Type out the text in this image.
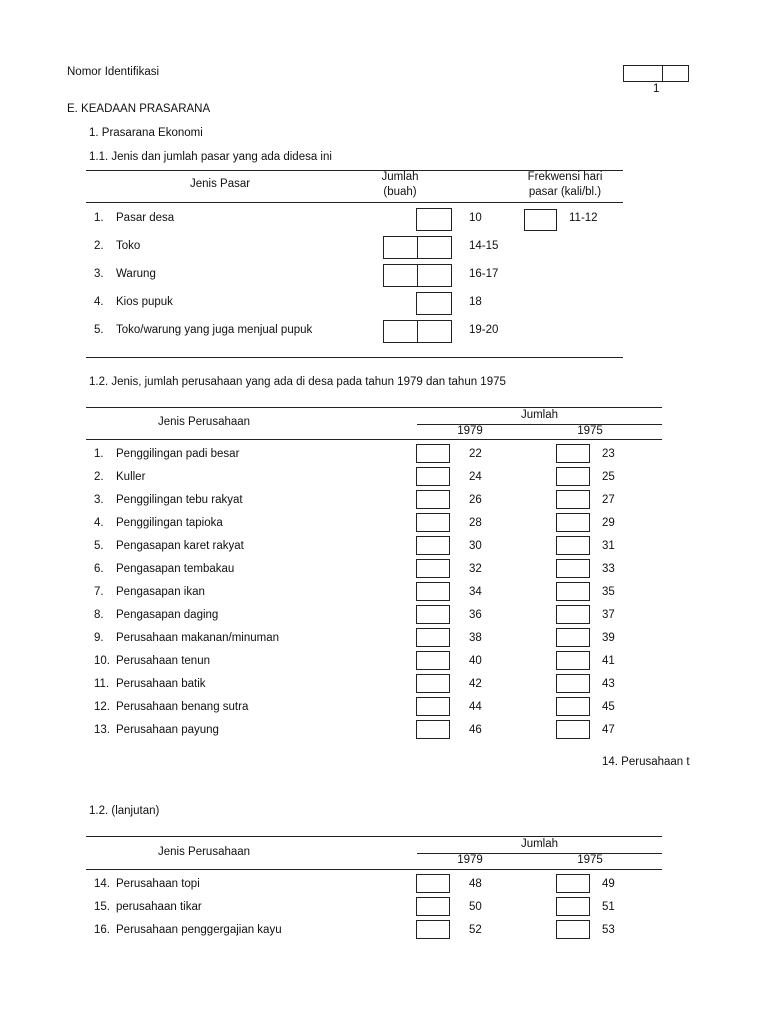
Nomor Identifikasi
1
E. KEADAAN PRASARANA
1. Prasarana Ekonomi
1.1. Jenis dan jumlah pasar yang ada didesa ini
Jenis Pasar
Jumlah
(buah)
Frekwensi hari
pasar (kali/bl.)
1. Pasar desa	10	11-12
2. Toko	14-15
3. Warung	16-17
4. Kios pupuk	18
5. Toko/warung yang juga menjual pupuk	19-20
1.2. Jenis, jumlah perusahaan yang ada di desa pada tahun 1979 dan tahun 1975
Jenis Perusahaan
Jumlah
1979	1975
1. Penggilingan padi besar	22	23
2. Kuller	24	25
3. Penggilingan tebu rakyat	26	27
4. Penggilingan tapioka	28	29
5. Pengasapan karet rakyat	30	31
6. Pengasapan tembakau	32	33
7. Pengasapan ikan	34	35
8. Pengasapan daging	36	37
9. Perusahaan makanan/minuman	38	39
10. Perusahaan tenun	40	41
11. Perusahaan batik	42	43
12. Perusahaan benang sutra	44	45
13. Perusahaan payung	46	47
14. Perusahaan t
1.2. (lanjutan)
Jenis Perusahaan
Jumlah
1979	1975
14. Perusahaan topi	48	49
15. perusahaan tikar	50	51
16. Perusahaan penggergajian kayu	52	53
